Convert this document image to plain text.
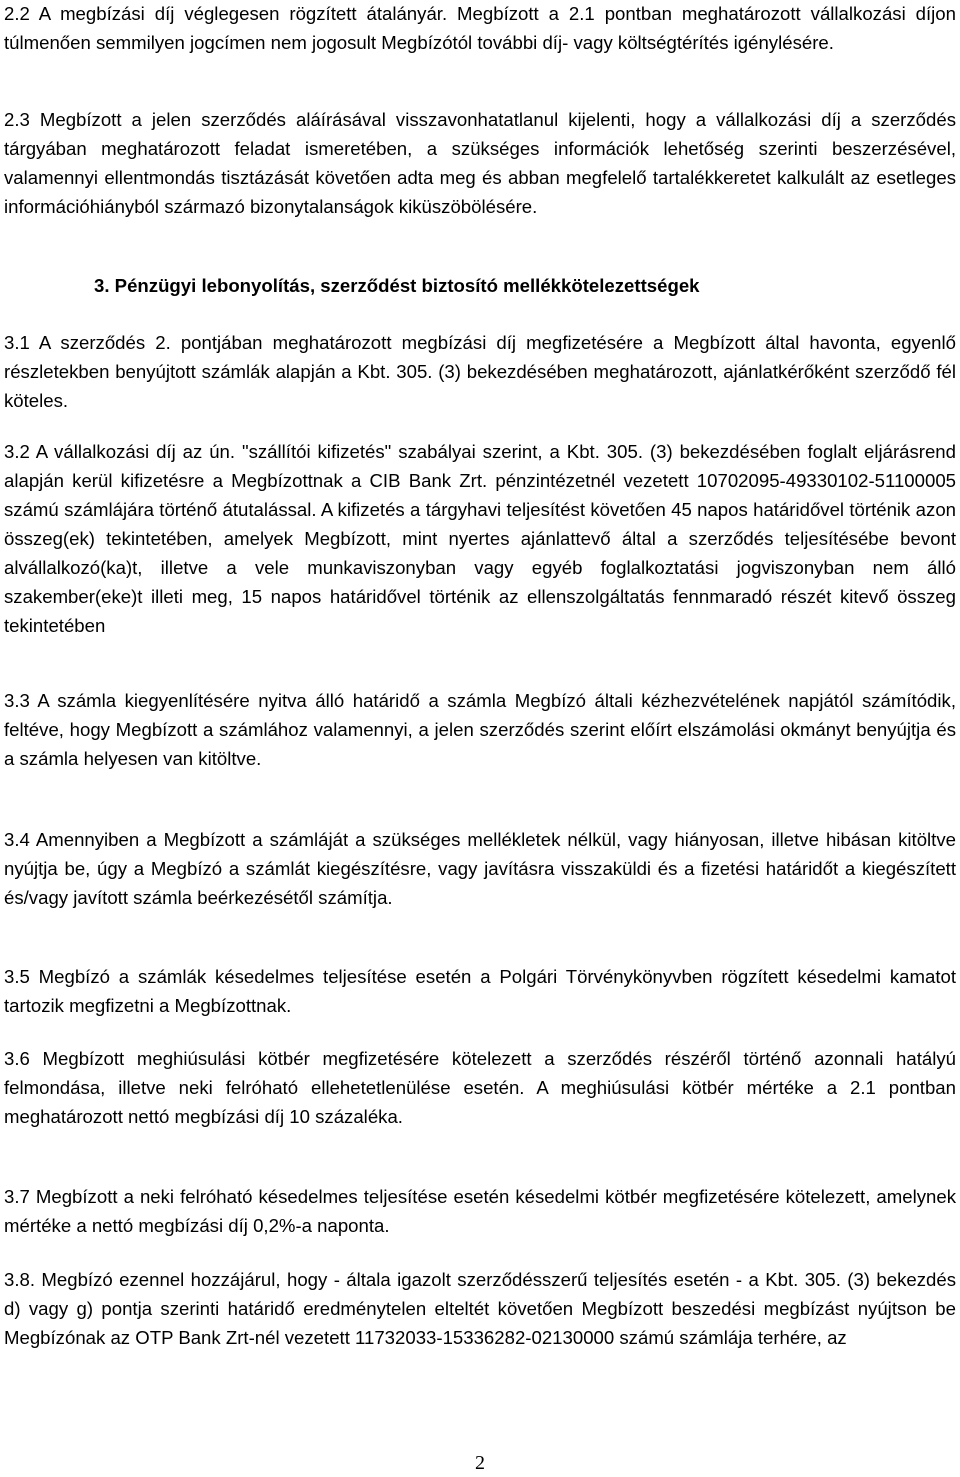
2.2 A megbízási díj véglegesen rögzített átalányár. Megbízott a 2.1 pontban meghatározott vállalkozási díjon túlmenően semmilyen jogcímen nem jogosult Megbízótól további díj- vagy költségtérítés igénylésére.

2.3 Megbízott a jelen szerződés aláírásával visszavonhatatlanul kijelenti, hogy a vállalkozási díj a szerződés tárgyában meghatározott feladat ismeretében, a szükséges információk lehetőség szerinti beszerzésével, valamennyi ellentmondás tisztázását követően adta meg és abban megfelelő tartalékkeretet kalkulált az esetleges információhiányból származó bizonytalanságok kiküszöbölésére.

3. Pénzügyi lebonyolítás, szerződést biztosító mellékkötelezettségek

3.1 A szerződés 2. pontjában meghatározott megbízási díj megfizetésére a Megbízott által havonta, egyenlő részletekben benyújtott számlák alapján a Kbt. 305. (3) bekezdésében meghatározott, ajánlatkérőként szerződő fél köteles.

3.2 A vállalkozási díj az ún. "szállítói kifizetés" szabályai szerint, a Kbt. 305. (3) bekezdésében foglalt eljárásrend alapján kerül kifizetésre a Megbízottnak a CIB Bank Zrt. pénzintézetnél vezetett 10702095-49330102-51100005 számú számlájára történő átutalással. A kifizetés a tárgyhavi teljesítést követően 45 napos határidővel történik azon összeg(ek) tekintetében, amelyek Megbízott, mint nyertes ajánlattevő által a szerződés teljesítésébe bevont alvállalkozó(ka)t, illetve a vele munkaviszonyban vagy egyéb foglalkoztatási jogviszonyban nem álló szakember(eke)t illeti meg, 15 napos határidővel történik az ellenszolgáltatás fennmaradó részét kitevő összeg tekintetében

3.3 A számla kiegyenlítésére nyitva álló határidő a számla Megbízó általi kézhezvételének napjától számítódik, feltéve, hogy Megbízott a számlához valamennyi, a jelen szerződés szerint előírt elszámolási okmányt benyújtja és a számla helyesen van kitöltve.

3.4 Amennyiben a Megbízott a számláját a szükséges mellékletek nélkül, vagy hiányosan, illetve hibásan kitöltve nyújtja be, úgy a Megbízó a számlát kiegészítésre, vagy javításra visszaküldi és a fizetési határidőt a kiegészített és/vagy javított számla beérkezésétől számítja.

3.5 Megbízó a számlák késedelmes teljesítése esetén a Polgári Törvénykönyvben rögzített késedelmi kamatot tartozik megfizetni a Megbízottnak.

3.6 Megbízott meghiúsulási kötbér megfizetésére kötelezett a szerződés részéről történő azonnali hatályú felmondása, illetve neki felróható ellehetetlenülése esetén. A meghiúsulási kötbér mértéke a 2.1 pontban meghatározott nettó megbízási díj 10 százaléka.

3.7 Megbízott a neki felróható késedelmes teljesítése esetén késedelmi kötbér megfizetésére kötelezett, amelynek mértéke a nettó megbízási díj 0,2%-a naponta.

3.8. Megbízó ezennel hozzájárul, hogy - általa igazolt szerződésszerű teljesítés esetén - a Kbt. 305. (3) bekezdés d) vagy g) pontja szerinti határidő eredménytelen elteltét követően Megbízott beszedési megbízást nyújtson be Megbízónak az OTP Bank Zrt-nél vezetett 11732033-15336282-02130000 számú számlája terhére, az

2
